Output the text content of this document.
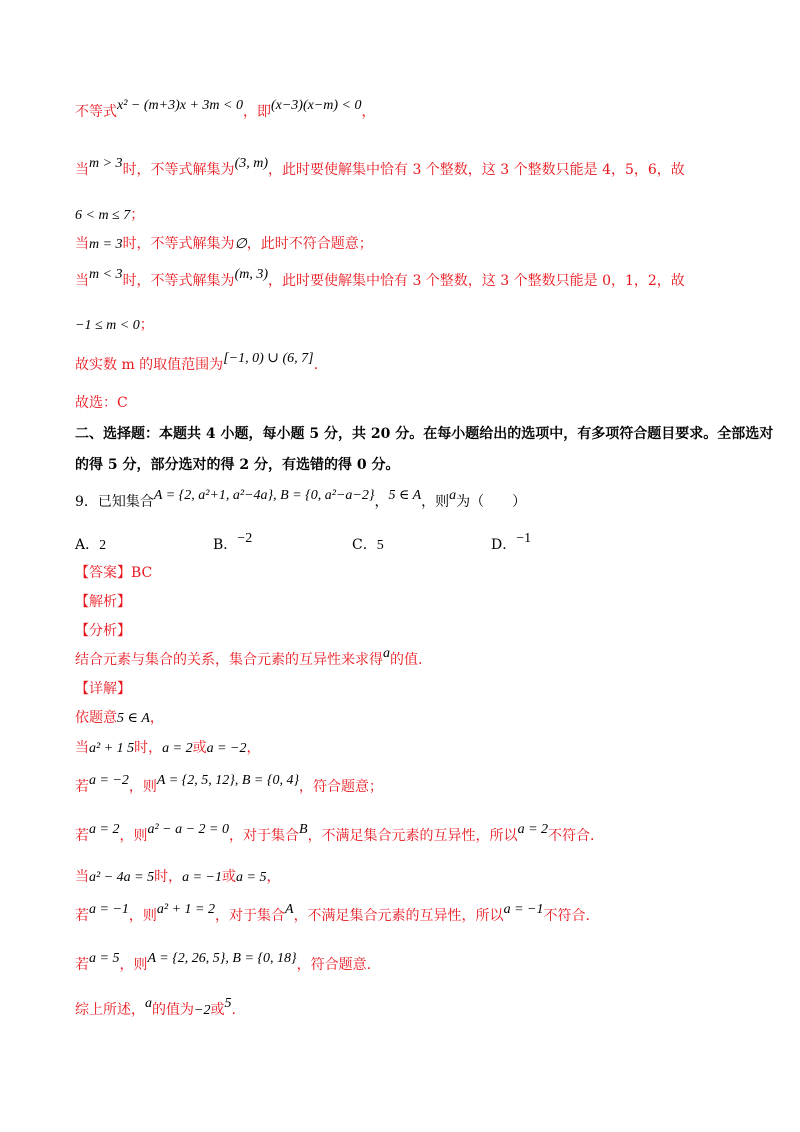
不等式x² − (m+3)x + 3m < 0，即(x−3)(x−m) < 0，
当m > 3时，不等式解集为(3, m)，此时要使解集中恰有 3 个整数，这 3 个整数只能是 4，5，6，故
6 < m ≤ 7；
当m = 3时，不等式解集为∅，此时不符合题意；
当m < 3时，不等式解集为(m, 3)，此时要使解集中恰有 3 个整数，这 3 个整数只能是 0，1，2，故
−1 ≤ m < 0；
故实数 m 的取值范围为[−1, 0) ∪ (6, 7].
故选：C
二、选择题：本题共 4 小题，每小题 5 分，共 20 分。在每小题给出的选项中，有多项符合题目要求。全部选对
的得 5 分，部分选对的得 2 分，有选错的得 0 分。
9．已知集合A = {2, a²+1, a²−4a}, B = {0, a²−a−2}，5 ∈ A，则a为（　　）
A．2	B．−2	C．5	D．−1
【答案】BC
【解析】
【分析】
结合元素与集合的关系，集合元素的互异性来求得a的值.
【详解】
依题意5 ∈ A，
当a² + 1 5时，a = 2或a = −2，
若a = −2，则A = {2, 5, 12}, B = {0, 4}，符合题意；
若a = 2，则a² − a − 2 = 0，对于集合B，不满足集合元素的互异性，所以a = 2不符合.
当a² − 4a = 5时，a = −1或a = 5，
若a = −1，则a² + 1 = 2，对于集合A，不满足集合元素的互异性，所以a = −1不符合.
若a = 5，则A = {2, 26, 5}, B = {0, 18}，符合题意.
综上所述，a的值为−2或5.
